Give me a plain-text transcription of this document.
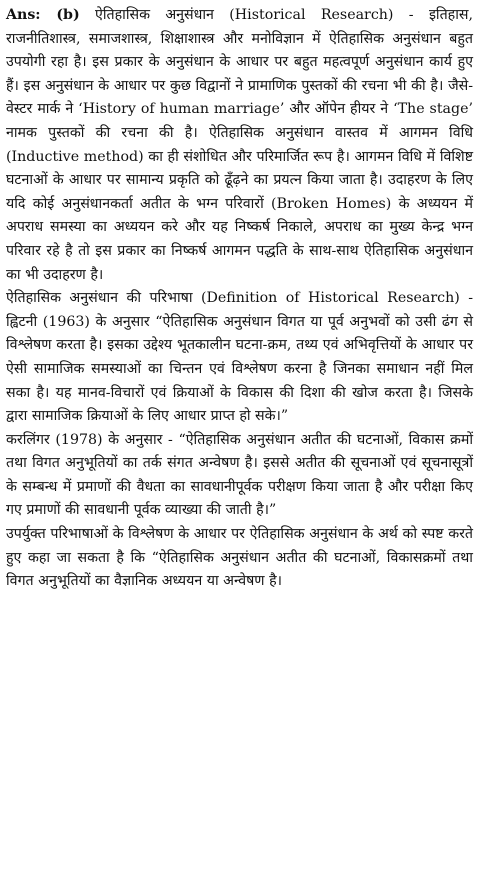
Ans: (b) ऐतिहासिक अनुसंधान (Historical Research) - इतिहास, राजनीतिशास्त्र, समाजशास्त्र, शिक्षाशास्त्र और मनोविज्ञान में ऐतिहासिक अनुसंधान बहुत उपयोगी रहा है। इस प्रकार के अनुसंधान के आधार पर बहुत महत्वपूर्ण अनुसंधान कार्य हुए हैं। इस अनुसंधान के आधार पर कुछ विद्वानों ने प्रामाणिक पुस्तकों की रचना भी की है। जैसे- वेस्टर मार्क ने ‘History of human marriage’ और ऑपेन हीयर ने ‘The stage’ नामक पुस्तकों की रचना की है। ऐतिहासिक अनुसंधान वास्तव में आगमन विधि (Inductive method) का ही संशोधित और परिमार्जित रूप है। आगमन विधि में विशिष्ट घटनाओं के आधार पर सामान्य प्रकृति को ढूँढ़ने का प्रयत्न किया जाता है। उदाहरण के लिए यदि कोई अनुसंधानकर्ता अतीत के भग्न परिवारों (Broken Homes) के अध्ययन में अपराध समस्या का अध्ययन करे और यह निष्कर्ष निकाले, अपराध का मुख्य केन्द्र भग्न परिवार रहे है तो इस प्रकार का निष्कर्ष आगमन पद्धति के साथ-साथ ऐतिहासिक अनुसंधान का भी उदाहरण है।

ऐतिहासिक अनुसंधान की परिभाषा (Definition of Historical Research) - ह्विटनी (1963) के अनुसार “ऐतिहासिक अनुसंधान विगत या पूर्व अनुभवों को उसी ढंग से विश्लेषण करता है। इसका उद्देश्य भूतकालीन घटना-क्रम, तथ्य एवं अभिवृत्तियों के आधार पर ऐसी सामाजिक समस्याओं का चिन्तन एवं विश्लेषण करना है जिनका समाधान नहीं मिल सका है। यह मानव-विचारों एवं क्रियाओं के विकास की दिशा की खोज करता है। जिसके द्वारा सामाजिक क्रियाओं के लिए आधार प्राप्त हो सके।”

करलिंगर (1978) के अनुसार - “ऐतिहासिक अनुसंधान अतीत की घटनाओं, विकास क्रमों तथा विगत अनुभूतियों का तर्क संगत अन्वेषण है। इससे अतीत की सूचनाओं एवं सूचनासूत्रों के सम्बन्ध में प्रमाणों की वैधता का सावधानीपूर्वक परीक्षण किया जाता है और परीक्षा किए गए प्रमाणों की सावधानी पूर्वक व्याख्या की जाती है।”

उपर्युक्त परिभाषाओं के विश्लेषण के आधार पर ऐतिहासिक अनुसंधान के अर्थ को स्पष्ट करते हुए कहा जा सकता है कि “ऐतिहासिक अनुसंधान अतीत की घटनाओं, विकासक्रमों तथा विगत अनुभूतियों का वैज्ञानिक अध्ययन या अन्वेषण है।
